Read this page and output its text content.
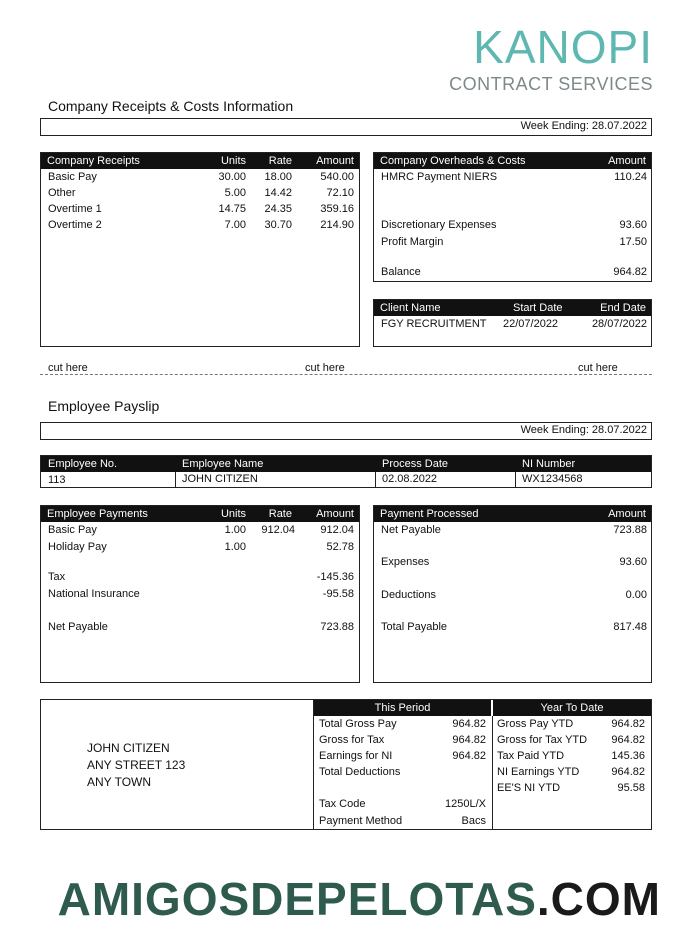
KANOPI
CONTRACT SERVICES
Company Receipts & Costs Information
Week Ending: 28.07.2022
Company Receipts	Units Rate Amount
Basic Pay	30.00 18.00	540.00
Other	5.00 14.42	72.10
Overtime 1	14.75 24.35	359.16
Overtime 2	7.00 30.70	214.90
Company Overheads & Costs	Amount
HMRC Payment NIERS	110.24
Discretionary Expenses	93.60
Profit Margin	17.50
Balance	964.82
Client Name	Start Date	End Date
FGY RECRUITMENT 22/07/2022	28/07/2022
cut here	cut here	cut here
Employee Payslip
Week Ending: 28.07.2022
Employee No.	Employee Name	Process Date	NI Number
113	JOHN CITIZEN	02.08.2022	WX1234568
Employee Payments	Units Rate Amount
Basic Pay	1.00 912.04 912.04
Holiday Pay	1.00	52.78
Tax	-145.36
National Insurance	-95.58
Net Payable	723.88
Payment Processed	Amount
Net Payable	723.88
Expenses	93.60
Deductions	0.00
Total Payable	817.48
JOHN CITIZEN
ANY STREET 123
ANY TOWN
This Period	Year To Date
Total Gross Pay	964.82
Gross for Tax	964.82
Earnings for NI	964.82
Total Deductions
Tax Code	1250L/X
Payment Method	Bacs
Gross Pay YTD	964.82
Gross for Tax YTD 964.82
Tax Paid YTD	145.36
NI Earnings YTD	964.82
EE'S NI YTD	95.58
AMIGOSDEPELOTAS.COM
